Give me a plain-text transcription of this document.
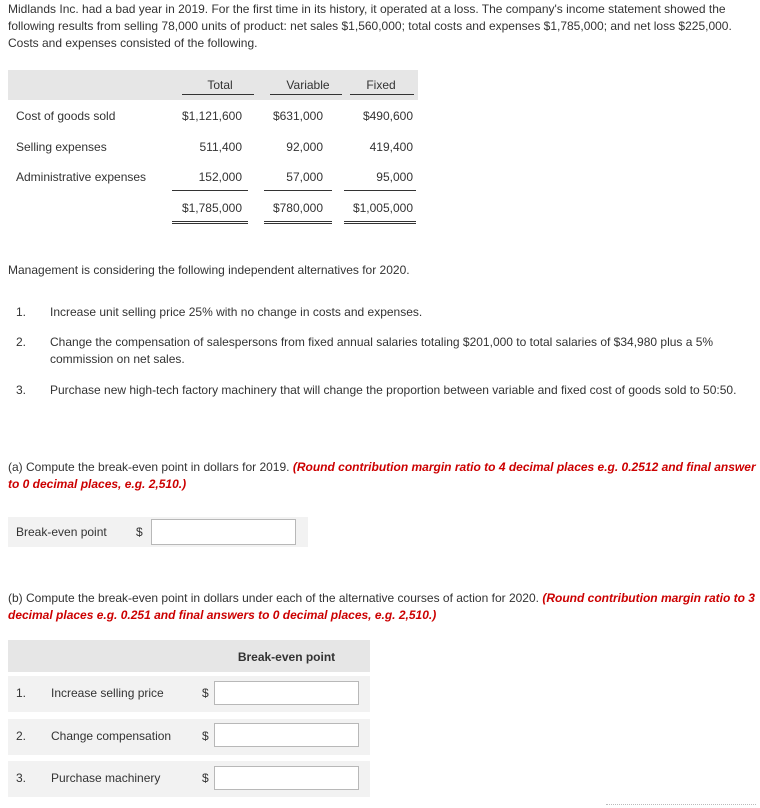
Midlands Inc. had a bad year in 2019. For the first time in its history, it operated at a loss. The company's income statement showed the following results from selling 78,000 units of product: net sales $1,560,000; total costs and expenses $1,785,000; and net loss $225,000. Costs and expenses consisted of the following.

Total	Variable	Fixed
Cost of goods sold	$1,121,600	$631,000	$490,600
Selling expenses	511,400	92,000	419,400
Administrative expenses	152,000	57,000	95,000
$1,785,000	$780,000	$1,005,000

Management is considering the following independent alternatives for 2020.

1. Increase unit selling price 25% with no change in costs and expenses.
2. Change the compensation of salespersons from fixed annual salaries totaling $201,000 to total salaries of $34,980 plus a 5% commission on net sales.
3. Purchase new high-tech factory machinery that will change the proportion between variable and fixed cost of goods sold to 50:50.

(a) Compute the break-even point in dollars for 2019. (Round contribution margin ratio to 4 decimal places e.g. 0.2512 and final answer to 0 decimal places, e.g. 2,510.)

Break-even point $

(b) Compute the break-even point in dollars under each of the alternative courses of action for 2020. (Round contribution margin ratio to 3 decimal places e.g. 0.251 and final answers to 0 decimal places, e.g. 2,510.)

Break-even point
1. Increase selling price	$
2. Change compensation	$
3. Purchase machinery	$
